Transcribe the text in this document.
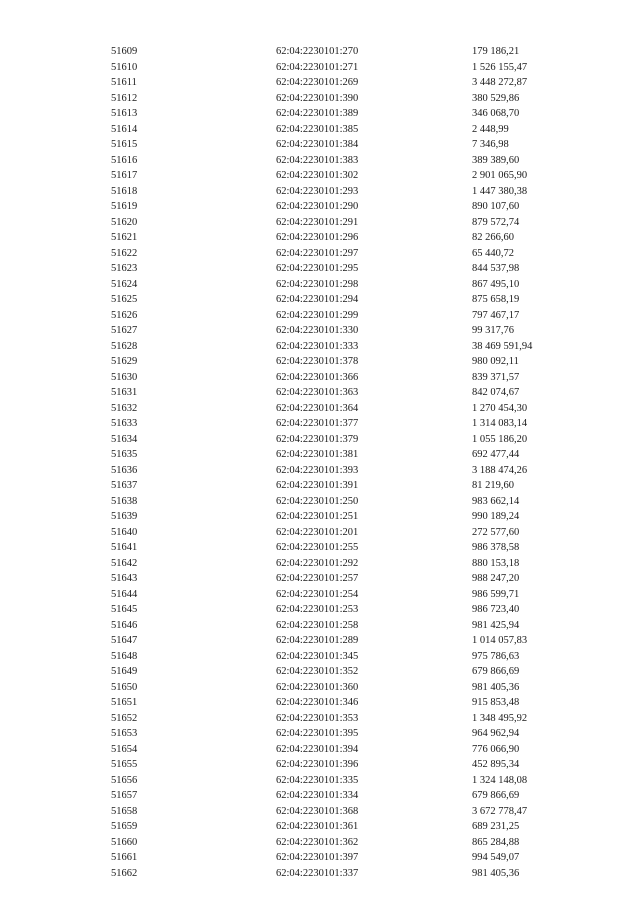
51609	62:04:2230101:270	179 186,21
51610	62:04:2230101:271	1 526 155,47
51611	62:04:2230101:269	3 448 272,87
51612	62:04:2230101:390	380 529,86
51613	62:04:2230101:389	346 068,70
51614	62:04:2230101:385	2 448,99
51615	62:04:2230101:384	7 346,98
51616	62:04:2230101:383	389 389,60
51617	62:04:2230101:302	2 901 065,90
51618	62:04:2230101:293	1 447 380,38
51619	62:04:2230101:290	890 107,60
51620	62:04:2230101:291	879 572,74
51621	62:04:2230101:296	82 266,60
51622	62:04:2230101:297	65 440,72
51623	62:04:2230101:295	844 537,98
51624	62:04:2230101:298	867 495,10
51625	62:04:2230101:294	875 658,19
51626	62:04:2230101:299	797 467,17
51627	62:04:2230101:330	99 317,76
51628	62:04:2230101:333	38 469 591,94
51629	62:04:2230101:378	980 092,11
51630	62:04:2230101:366	839 371,57
51631	62:04:2230101:363	842 074,67
51632	62:04:2230101:364	1 270 454,30
51633	62:04:2230101:377	1 314 083,14
51634	62:04:2230101:379	1 055 186,20
51635	62:04:2230101:381	692 477,44
51636	62:04:2230101:393	3 188 474,26
51637	62:04:2230101:391	81 219,60
51638	62:04:2230101:250	983 662,14
51639	62:04:2230101:251	990 189,24
51640	62:04:2230101:201	272 577,60
51641	62:04:2230101:255	986 378,58
51642	62:04:2230101:292	880 153,18
51643	62:04:2230101:257	988 247,20
51644	62:04:2230101:254	986 599,71
51645	62:04:2230101:253	986 723,40
51646	62:04:2230101:258	981 425,94
51647	62:04:2230101:289	1 014 057,83
51648	62:04:2230101:345	975 786,63
51649	62:04:2230101:352	679 866,69
51650	62:04:2230101:360	981 405,36
51651	62:04:2230101:346	915 853,48
51652	62:04:2230101:353	1 348 495,92
51653	62:04:2230101:395	964 962,94
51654	62:04:2230101:394	776 066,90
51655	62:04:2230101:396	452 895,34
51656	62:04:2230101:335	1 324 148,08
51657	62:04:2230101:334	679 866,69
51658	62:04:2230101:368	3 672 778,47
51659	62:04:2230101:361	689 231,25
51660	62:04:2230101:362	865 284,88
51661	62:04:2230101:397	994 549,07
51662	62:04:2230101:337	981 405,36
